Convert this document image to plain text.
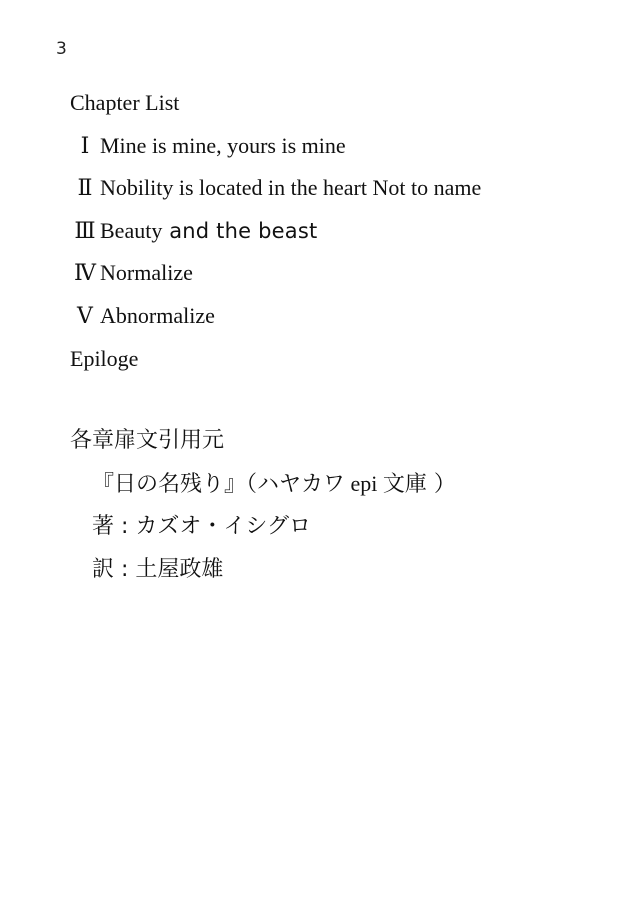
3
Chapter List
Ⅰ Mine is mine, yours is mine
Ⅱ Nobility is located in the heart Not to name
Ⅲ Beauty and the beast
Ⅳ Normalize
Ⅴ Abnormalize
Epiloge
各章扉文引用元
『日の名残り』（ハヤカワ epi 文庫 ）
著 : カズオ・イシグロ
訳 : 土屋政雄
